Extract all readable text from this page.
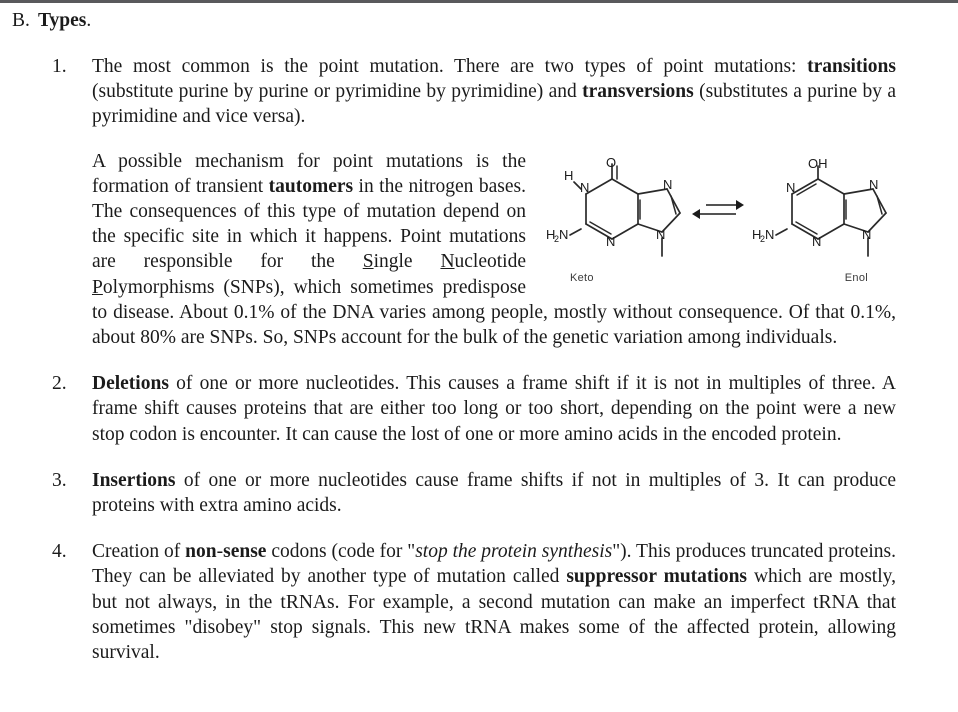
B. Types.
1.	The most common is the point mutation. There are two types of point mutations: transitions (substitute purine by purine or pyrimidine by pyrimidine) and transversions (substitutes a purine by a pyrimidine and vice versa).

O
H
N
H
2 N	N
N
N
OH
N
H
2 N	N
N
N
Keto	Enol
A possible mechanism for point mutations is the formation of transient tautomers in the nitrogen bases. The consequences of this type of mutation depend on the specific site in which it happens. Point mutations are responsible for the Single Nucleotide Polymorphisms (SNPs), which sometimes predispose to disease. About 0.1% of the DNA varies among people, mostly without consequence. Of that 0.1%, about 80% are SNPs. So, SNPs account for the bulk of the genetic variation among individuals.

2.	Deletions of one or more nucleotides. This causes a frame shift if it is not in multiples of three. A frame shift causes proteins that are either too long or too short, depending on the point were a new stop codon is encounter. It can cause the lost of one or more amino acids in the encoded protein.

3.	Insertions of one or more nucleotides cause frame shifts if not in multiples of 3. It can produce proteins with extra amino acids.

4.	Creation of non-sense codons (code for "stop the protein synthesis"). This produces truncated proteins. They can be alleviated by another type of mutation called suppressor mutations which are mostly, but not always, in the tRNAs. For example, a second mutation can make an imperfect tRNA that sometimes "disobey" stop signals. This new tRNA makes some of the affected protein, allowing survival.
